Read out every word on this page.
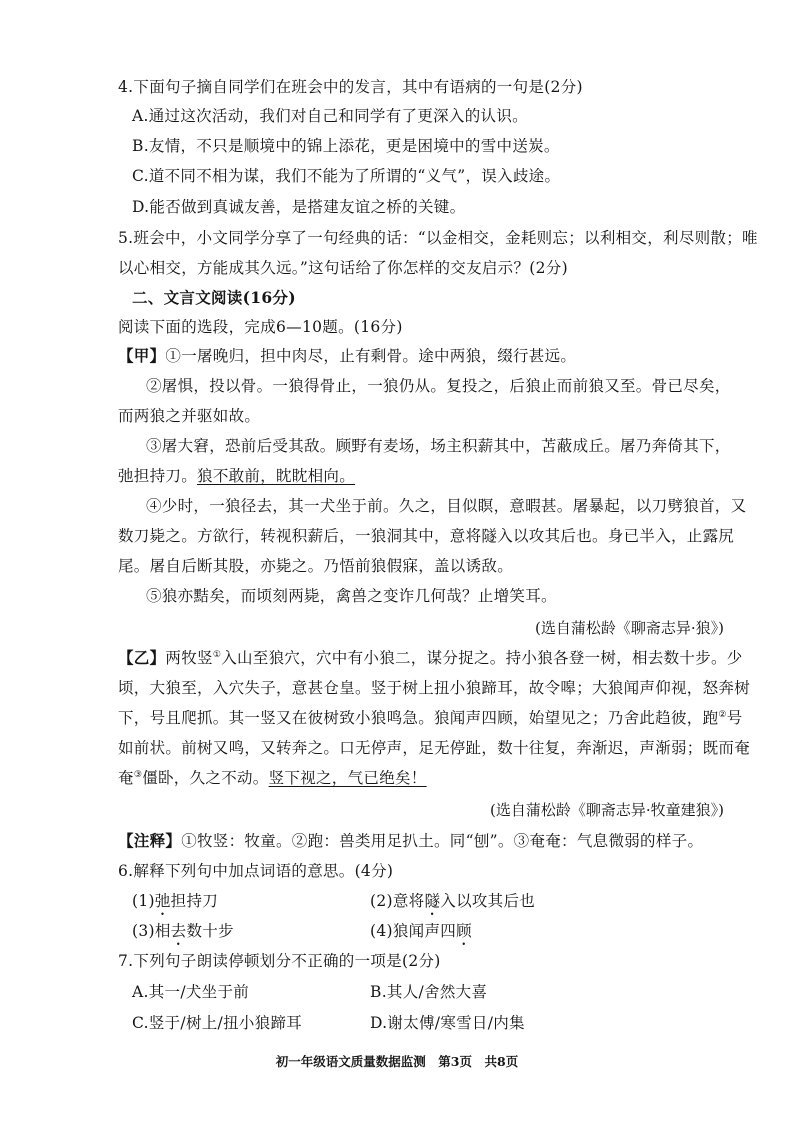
4.下面句子摘自同学们在班会中的发言，其中有语病的一句是(2分)
A.通过这次活动，我们对自己和同学有了更深入的认识。
B.友情，不只是顺境中的锦上添花，更是困境中的雪中送炭。
C.道不同不相为谋，我们不能为了所谓的“义气”，误入歧途。
D.能否做到真诚友善，是搭建友谊之桥的关键。
5.班会中，小文同学分享了一句经典的话：“以金相交，金耗则忘；以利相交，利尽则散；唯
以心相交，方能成其久远。”这句话给了你怎样的交友启示？(2分)
二、文言文阅读(16分)
阅读下面的选段，完成6—10题。(16分)
【甲】①一屠晚归，担中肉尽，止有剩骨。途中两狼，缀行甚远。
②屠惧，投以骨。一狼得骨止，一狼仍从。复投之，后狼止而前狼又至。骨已尽矣，
而两狼之并驱如故。
③屠大窘，恐前后受其敌。顾野有麦场，场主积薪其中，苫蔽成丘。屠乃奔倚其下，
弛担持刀。狼不敢前，眈眈相向。
④少时，一狼径去，其一犬坐于前。久之，目似瞑，意暇甚。屠暴起，以刀劈狼首，又
数刀毙之。方欲行，转视积薪后，一狼洞其中，意将隧入以攻其后也。身已半入，止露尻
尾。屠自后断其股，亦毙之。乃悟前狼假寐，盖以诱敌。
⑤狼亦黠矣，而顷刻两毙，禽兽之变诈几何哉？止增笑耳。
(选自蒲松龄《聊斋志异·狼》)
【乙】两牧竖①入山至狼穴，穴中有小狼二，谋分捉之。持小狼各登一树，相去数十步。少
顷，大狼至，入穴失子，意甚仓皇。竖于树上扭小狼蹄耳，故令嗥；大狼闻声仰视，怒奔树
下，号且爬抓。其一竖又在彼树致小狼鸣急。狼闻声四顾，始望见之；乃舍此趋彼，跑②号
如前状。前树又鸣，又转奔之。口无停声，足无停趾，数十往复，奔渐迟，声渐弱；既而奄
奄③僵卧，久之不动。竖下视之，气已绝矣！
(选自蒲松龄《聊斋志异·牧童建狼》)
【注释】①牧竖：牧童。②跑：兽类用足扒土。同“刨”。③奄奄：气息微弱的样子。
6.解释下列句中加点词语的意思。(4分)
(1)弛担持刀	(2)意将隧入以攻其后也
(3)相去数十步	(4)狼闻声四顾
7.下列句子朗读停顿划分不正确的一项是(2分)
A.其一/犬坐于前	B.其人/舍然大喜
C.竖于/树上/扭小狼蹄耳	D.谢太傅/寒雪日/内集
初一年级语文质量数据监测　第3页　共8页
